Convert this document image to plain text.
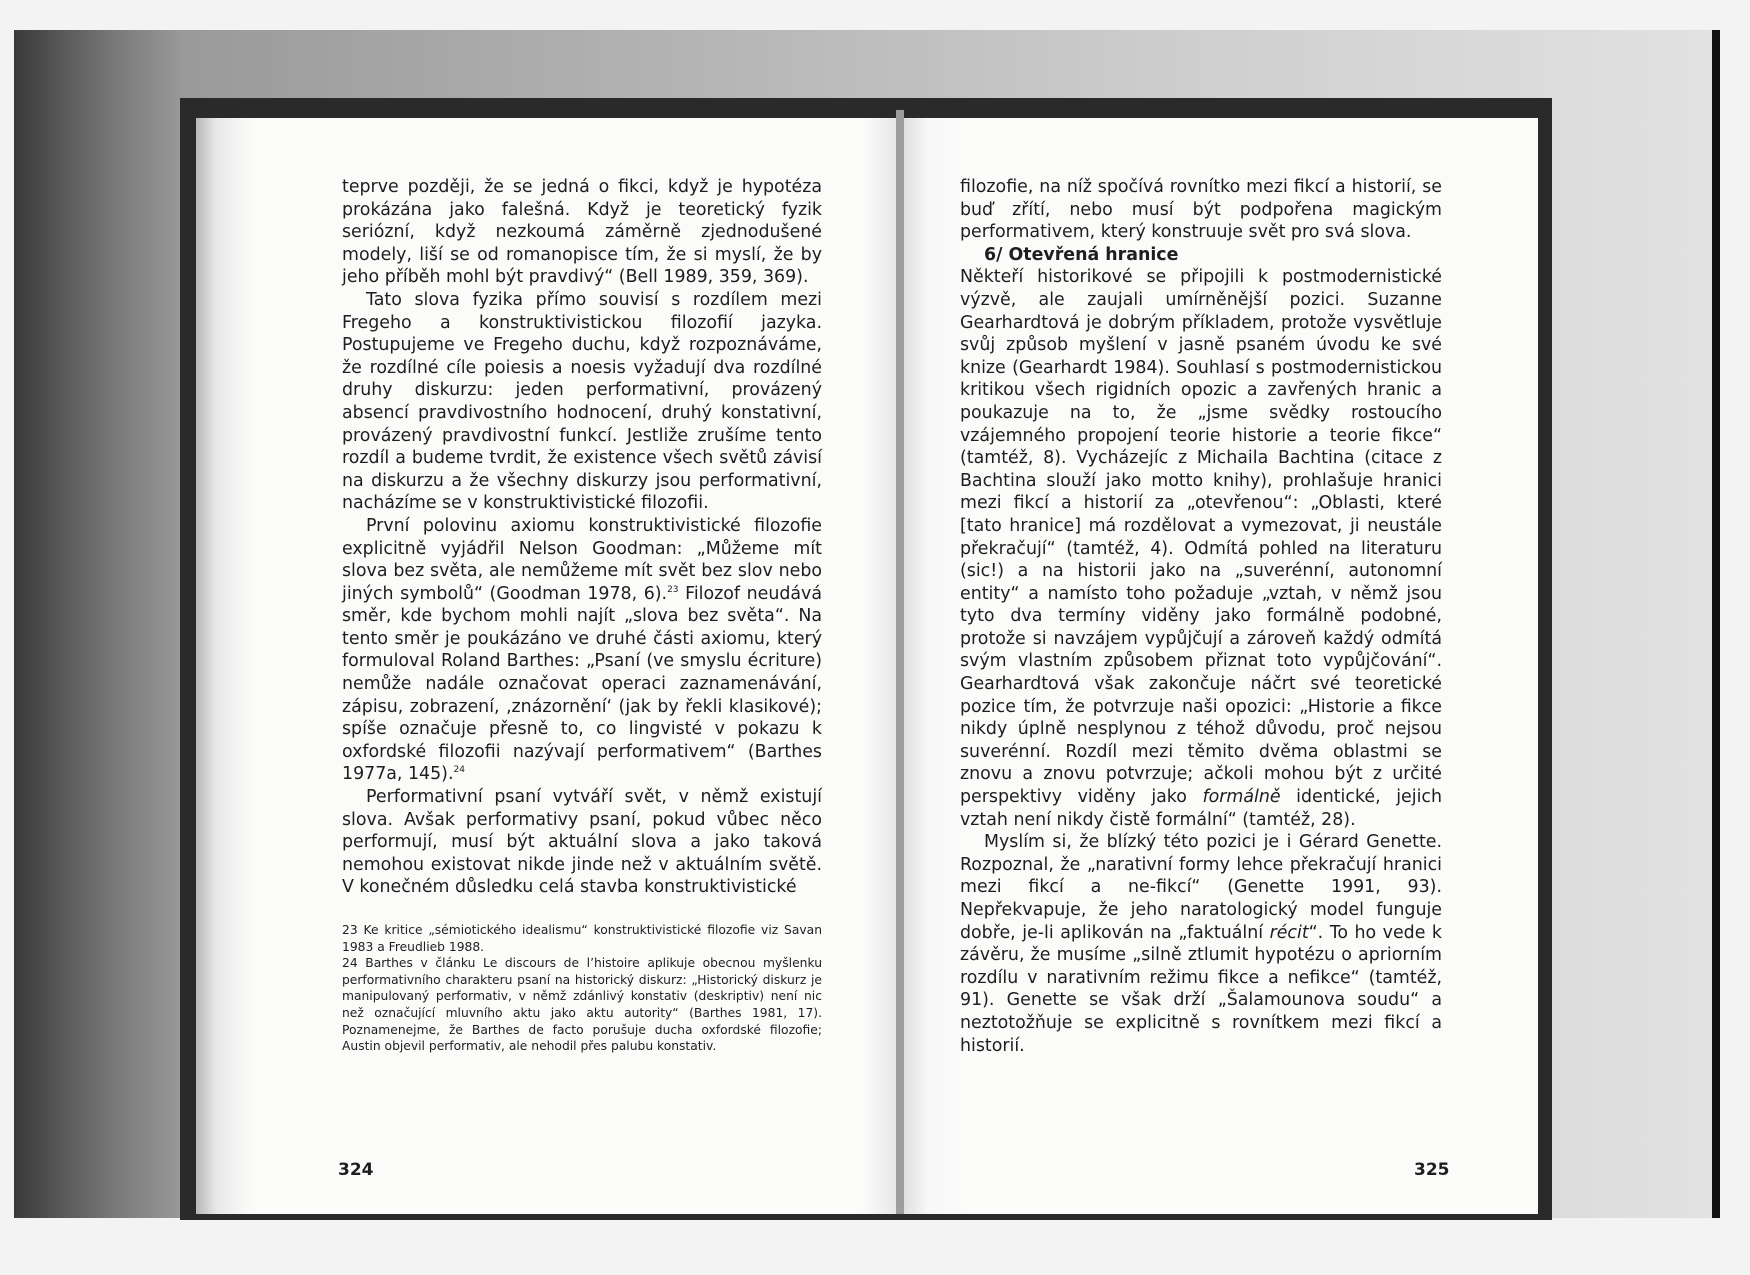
teprve později, že se jedná o fikci, když je hypotéza prokázána jako falešná. Když je teoretický fyzik seriózní, když nezkoumá záměrně zjednodušené modely, liší se od romanopisce tím, že si myslí, že by jeho příběh mohl být pravdivý“ (Bell 1989, 359, 369).

Tato slova fyzika přímo souvisí s rozdílem mezi Fregeho a konstruktivistickou filozofií jazyka. Postupujeme ve Fregeho duchu, když rozpoznáváme, že rozdílné cíle poiesis a noesis vyžadují dva rozdílné druhy diskurzu: jeden performativní, provázený absencí pravdivostního hodnocení, druhý konstativní, provázený pravdivostní funkcí. Jestliže zrušíme tento rozdíl a budeme tvrdit, že existence všech světů závisí na diskurzu a že všechny diskurzy jsou performativní, nacházíme se v konstruktivistické filozofii.

První polovinu axiomu konstruktivistické filozofie explicitně vyjádřil Nelson Goodman: „Můžeme mít slova bez světa, ale nemůžeme mít svět bez slov nebo jiných symbolů“ (Goodman 1978, 6).$^{23}$ Filozof neudává směr, kde bychom mohli najít „slova bez světa“. Na tento směr je poukázáno ve druhé části axiomu, který formuloval Roland Barthes: „Psaní (ve smyslu écriture) nemůže nadále označovat operaci zaznamenávání, zápisu, zobrazení, ‚znázornění‘ (jak by řekli klasikové); spíše označuje přesně to, co lingvisté v pokazu k oxfordské filozofii nazývají performativem“ (Barthes 1977a, 145).$^{24}$

Performativní psaní vytváří svět, v němž existují slova. Avšak performativy psaní, pokud vůbec něco performují, musí být aktuální slova a jako taková nemohou existovat nikde jinde než v aktuálním světě. V konečném důsledku celá stavba konstruktivistické

23 Ke kritice „sémiotického idealismu“ konstruktivistické filozofie viz Savan 1983 a Freudlieb 1988.

24 Barthes v článku Le discours de l’histoire aplikuje obecnou myšlenku performativního charakteru psaní na historický diskurz: „Historický diskurz je manipulovaný performativ, v němž zdánlivý konstativ (deskriptiv) není nic než označující mluvního aktu jako aktu autority“ (Barthes 1981, 17). Poznamenejme, že Barthes de facto porušuje ducha oxfordské filozofie; Austin objevil performativ, ale nehodil přes palubu konstativ.

324

filozofie, na níž spočívá rovnítko mezi fikcí a historií, se buď zřítí, nebo musí být podpořena magickým performativem, který konstruuje svět pro svá slova.

6/ Otevřená hranice

Někteří historikové se připojili k postmodernistické výzvě, ale zaujali umírněnější pozici. Suzanne Gearhardtová je dobrým příkladem, protože vysvětluje svůj způsob myšlení v jasně psaném úvodu ke své knize (Gearhardt 1984). Souhlasí s postmodernistickou kritikou všech rigidních opozic a zavřených hranic a poukazuje na to, že „jsme svědky rostoucího vzájemného propojení teorie historie a teorie fikce“ (tamtéž, 8). Vycházejíc z Michaila Bachtina (citace z Bachtina slouží jako motto knihy), prohlašuje hranici mezi fikcí a historií za „otevřenou“: „Oblasti, které [tato hranice] má rozdělovat a vymezovat, ji neustále překračují“ (tamtéž, 4). Odmítá pohled na literaturu (sic!) a na historii jako na „suverénní, autonomní entity“ a namísto toho požaduje „vztah, v němž jsou tyto dva termíny viděny jako formálně podobné, protože si navzájem vypůjčují a zároveň každý odmítá svým vlastním způsobem přiznat toto vypůjčování“. Gearhardtová však zakončuje náčrt své teoretické pozice tím, že potvrzuje naši opozici: „Historie a fikce nikdy úplně nesplynou z téhož důvodu, proč nejsou suverénní. Rozdíl mezi těmito dvěma oblastmi se znovu a znovu potvrzuje; ačkoli mohou být z určité perspektivy viděny jako formálně identické, jejich vztah není nikdy čistě formální“ (tamtéž, 28).

Myslím si, že blízký této pozici je i Gérard Genette. Rozpoznal, že „narativní formy lehce překračují hranici mezi fikcí a ne-fikcí“ (Genette 1991, 93). Nepřekvapuje, že jeho naratologický model funguje dobře, je-li aplikován na „faktuální récit“. To ho vede k závěru, že musíme „silně ztlumit hypotézu o apriorním rozdílu v narativním režimu fikce a nefikce“ (tamtéž, 91). Genette se však drží „Šalamounova soudu“ a neztotožňuje se explicitně s rovnítkem mezi fikcí a historií.

325
